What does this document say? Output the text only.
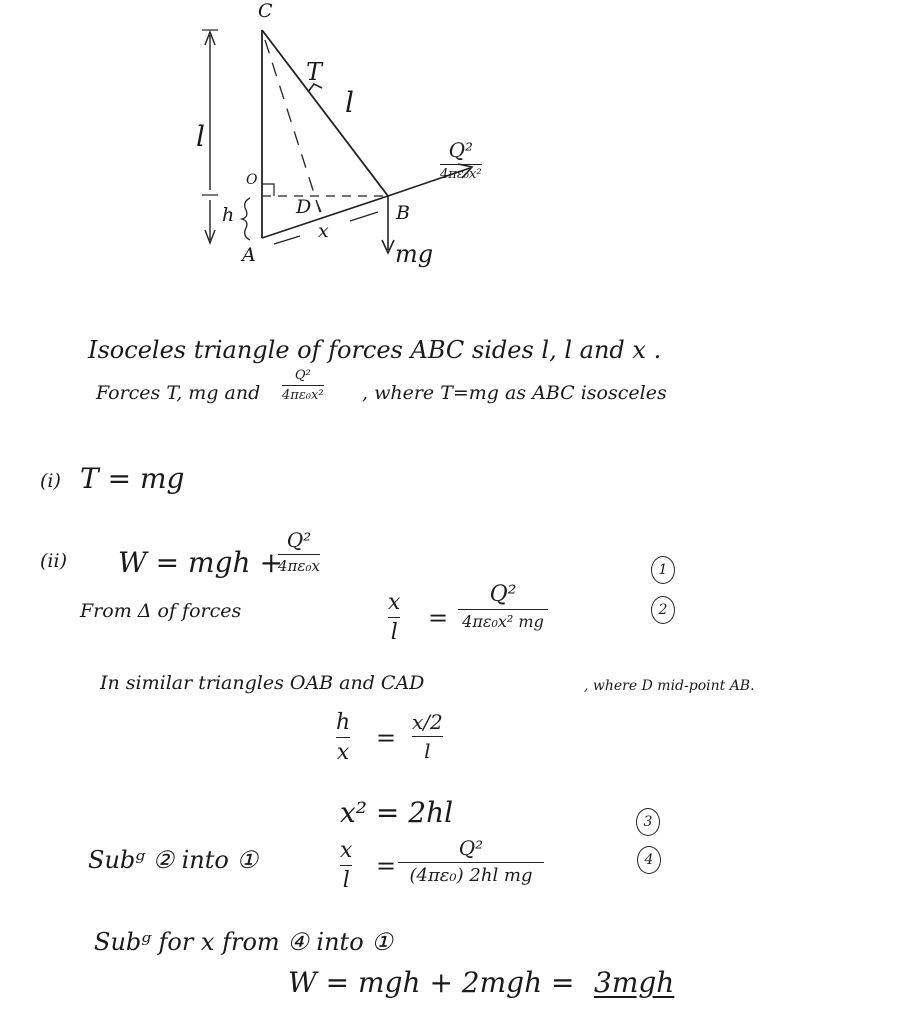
C
T
l
l
O
h	D	B
A
x
mg
Q²
4πε₀x²
Isoceles triangle of forces ABC sides l, l and x .
Forces T, mg and
Q²
4πε₀x² , where T=mg as ABC isosceles
(i) T = mg
(ii) W = mgh +
Q²
4πε₀x	1
From Δ of forces	x
l
=
Q²
4πε₀x² mg
2
In similar triangles OAB and CAD	, where D mid-point AB.
h
x
=
x/2
l
x² = 2hl	3
Subᵍ ② into ①	x
l
=
Q²
(4πε₀) 2hl mg
4
Subᵍ for x from ④ into ①
W = mgh + 2mgh = 3mgh
